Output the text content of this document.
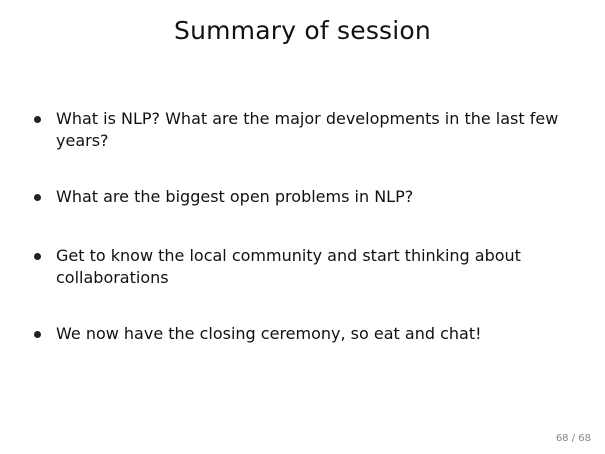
Summary of session
What is NLP? What are the major developments in the last few years?
What are the biggest open problems in NLP?
Get to know the local community and start thinking about collaborations
We now have the closing ceremony, so eat and chat!
68 / 68
